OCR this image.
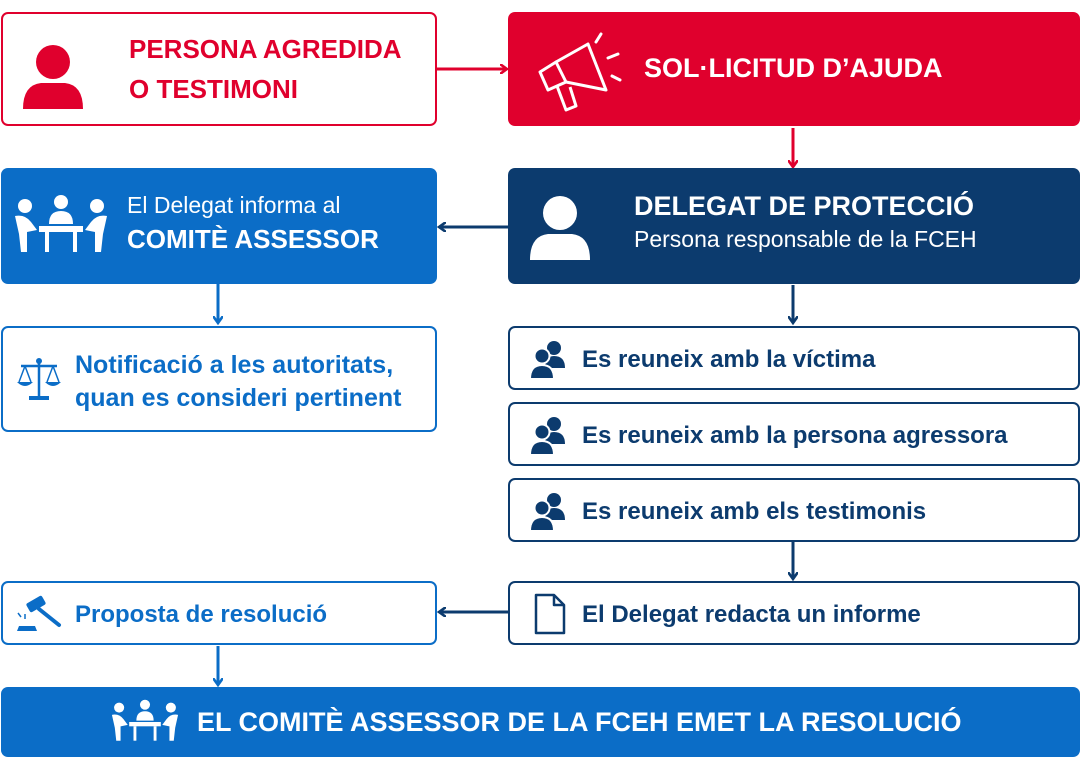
PERSONA AGREDIDA
O TESTIMONI
SOL·LICITUD D’AJUDA
DELEGAT DE PROTECCIÓ
Persona responsable de la FCEH
El Delegat informa al
COMITÈ ASSESSOR
Notificació a les autoritats,
quan es consideri pertinent
Es reuneix amb la víctima
Es reuneix amb la persona agressora
Es reuneix amb els testimonis
El Delegat redacta un informe
Proposta de resolució
EL COMITÈ ASSESSOR DE LA FCEH EMET LA RESOLUCIÓ
